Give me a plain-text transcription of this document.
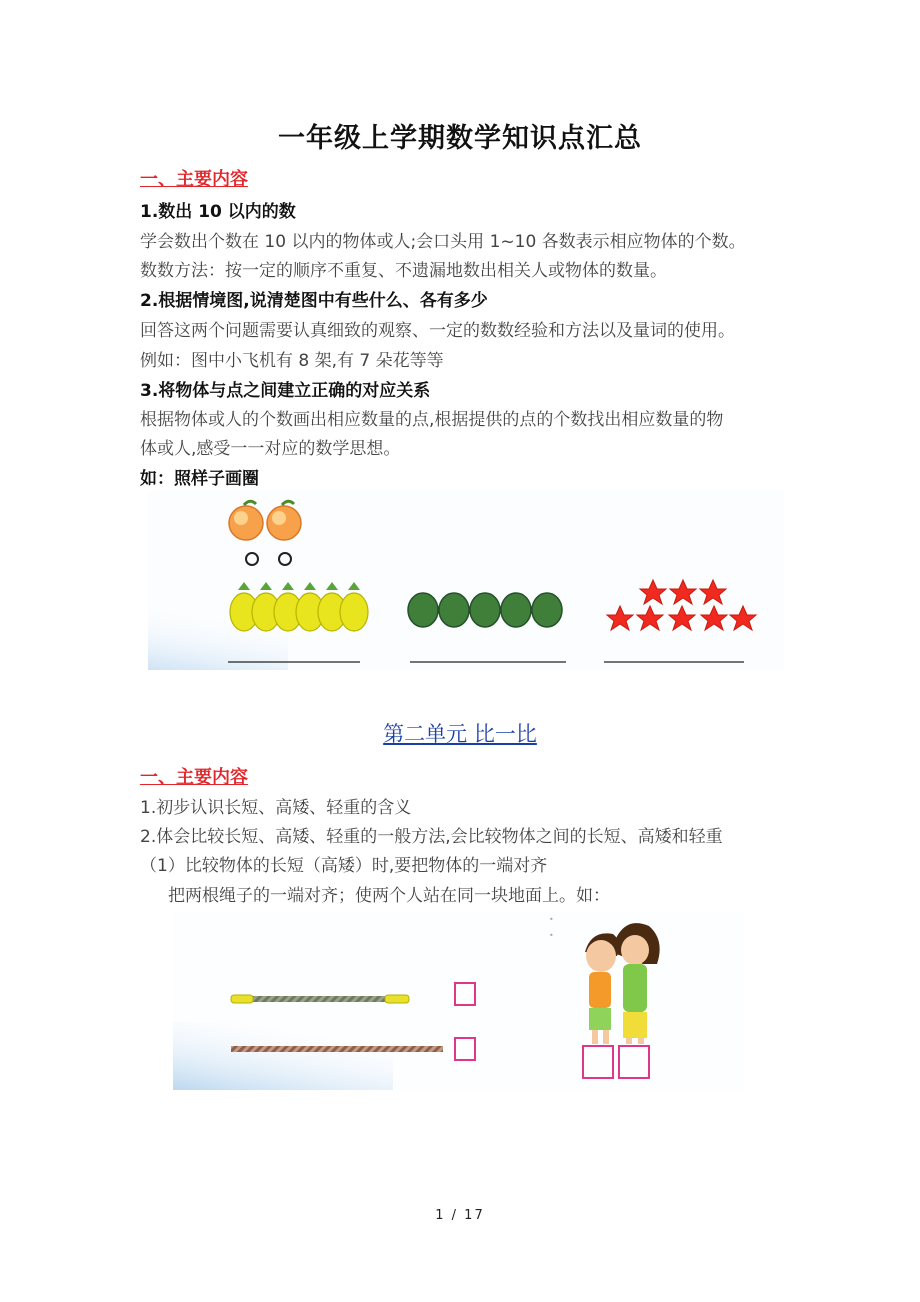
一年级上学期数学知识点汇总
一、主要内容
1.数出 10 以内的数
学会数出个数在 10 以内的物体或人;会口头用 1~10 各数表示相应物体的个数。
数数方法：按一定的顺序不重复、不遗漏地数出相关人或物体的数量。
2.根据情境图,说清楚图中有些什么、各有多少
回答这两个问题需要认真细致的观察、一定的数数经验和方法以及量词的使用。
例如：图中小飞机有 8 架,有 7 朵花等等
3.将物体与点之间建立正确的对应关系
根据物体或人的个数画出相应数量的点,根据提供的点的个数找出相应数量的物
体或人,感受一一对应的数学思想。
如：照样子画圈
第二单元 比一比
一、主要内容
1.初步认识长短、高矮、轻重的含义
2.体会比较长短、高矮、轻重的一般方法,会比较物体之间的长短、高矮和轻重
（1）比较物体的长短（高矮）时,要把物体的一端对齐
把两根绳子的一端对齐；使两个人站在同一块地面上。如：
•
•
1 / 17
